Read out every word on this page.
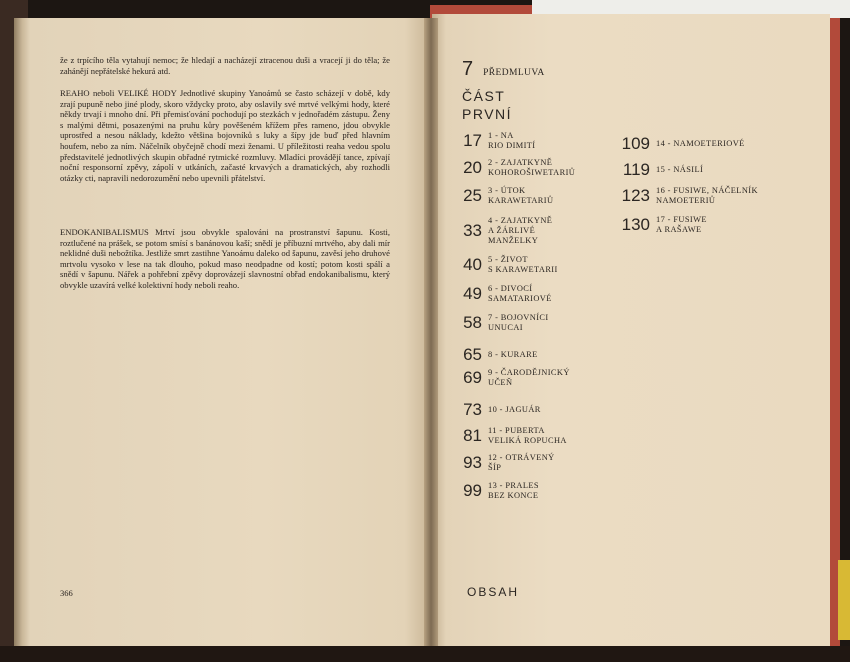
že z trpícího těla vytahují nemoc; že hledají a nacházejí ztracenou duši a vracejí ji do těla; že zahánějí nepřátelské hekurá atd.

REAHO neboli VELIKÉ HODY Jednotlivé skupiny Yanoámů se často scházejí v době, kdy zrají pupuně nebo jiné plody, skoro vždycky proto, aby oslavily své mrtvé velkými hody, které někdy trvají i mnoho dní. Při přemisťování pochodují po stezkách v jednořadém zástupu. Ženy s malými dětmi, posazenými na pruhu kůry pověšeném křížem přes rameno, jdou obvykle uprostřed a nesou náklady, kdežto většina bojovníků s luky a šípy jde buď před hlavním houfem, nebo za ním. Náčelník obyčejně chodí mezi ženami. U příležitosti reaha vedou spolu představitelé jednotlivých skupin obřadné rytmické rozmluvy. Mladíci provádějí tance, zpívají noční responsorní zpěvy, zápolí v utkáních, začasté krvavých a dramatických, aby rozhodli otázky cti, napravili nedorozumění nebo upevnili přátelství.

ENDOKANIBALISMUS Mrtví jsou obvykle spalováni na prostranství šapunu. Kosti, roztlučené na prášek, se potom smísí s banánovou kaší; snědí je příbuzní mrtvého, aby dali mír neklidné duši nebožtíka. Jestliže smrt zastihne Yanoámu daleko od šapunu, zavěsí jeho druhové mrtvolu vysoko v lese na tak dlouho, pokud maso neodpadne od kostí; potom kosti spálí a snědí v šapunu. Nářek a pohřební zpěvy doprovázejí slavnostní obřad endokanibalismu, který obvykle uzavírá velké kolektivní hody neboli reaho.

366
7 PŘEDMLUVA
ČÁST
PRVNÍ
17 1 - NA
RIO DIMITÍ
20 2 - ZAJATKYNĚ
KOHOROŠIWETARIŮ
25 3 - ÚTOK
KARAWETARIŮ
33
4 - ZAJATKYNĚ
A ŽÁRLIVÉ
MANŽELKY
40 5 - ŽIVOT
S KARAWETARII
49 6 - DIVOCÍ
SAMATARIOVÉ
58 7 - BOJOVNÍCI
UNUCAI
65 8 - KURARE
69 9 - ČARODĚJNICKÝ
UČEŇ
73 10 - JAGUÁR
81 11 - PUBERTA
VELIKÁ ROPUCHA
93 12 - OTRÁVENÝ
ŠÍP
99 13 - PRALES
BEZ KONCE
109 14 - NAMOETERIOVÉ
119 15 - NÁSILÍ
123 16 - FUSIWE, NÁČELNÍK
NAMOETERIŮ
130 17 - FUSIWE
A RAŠAWE
OBSAH
